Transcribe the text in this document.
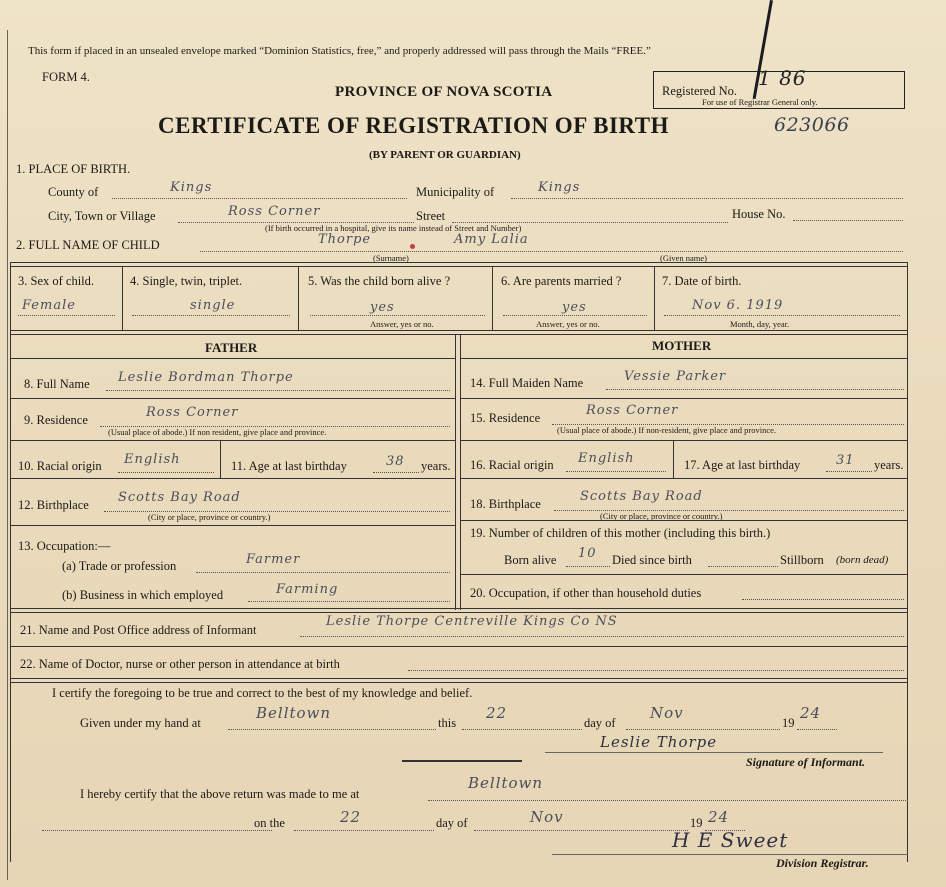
This form if placed in an unsealed envelope marked “Dominion Statistics, free,” and properly addressed will pass through the Mails “FREE.”
FORM 4.
PROVINCE OF NOVA SCOTIA	Registered No.
1 86
For use of Registrar General only.
CERTIFICATE OF REGISTRATION OF BIRTH	623066
(BY PARENT OR GUARDIAN)
1. PLACE OF BIRTH.
County of	Kings	Municipality of	Kings
City, Town or Village	Ross Corner	Street	House No.
(If birth occurred in a hospital, give its name instead of Street and Number)
2. FULL NAME OF CHILD	Thorpe	Amy Lalia
(Surname)	(Given name)
3. Sex of child.
Female
4. Single, twin, triplet.
single
5. Was the child born alive ?
yes
Answer, yes or no.
6. Are parents married ?
yes
Answer, yes or no.
7. Date of birth.
Nov 6. 1919
Month, day, year.
FATHER	MOTHER
8. Full Name Leslie Bordman Thorpe	14. Full Maiden Name	Vessie Parker
9. Residence	Ross Corner
(Usual place of abode.) If non resident, give place and province.
15. Residence	Ross Corner
(Usual place of abode.) If non-resident, give place and province.
10. Racial origin English	11. Age at last birthday	38 years. 16. Racial origin English	17. Age at last birthday	31 years.
12. Birthplace Scotts Bay Road
(City or place, province or country.)
18. Birthplace	Scotts Bay Road
(City or place, province or country.)
13. Occupation:—
(a) Trade or profession	Farmer
(b) Business in which employed	Farming
19. Number of children of this mother (including this birth.)
Born alive 10 Died since birth	Stillborn (born dead)
20. Occupation, if other than household duties
21. Name and Post Office address of Informant
Leslie Thorpe Centreville Kings Co NS
22. Name of Doctor, nurse or other person in attendance at birth
I certify the foregoing to be true and correct to the best of my knowledge and belief.
Given under my hand at
Belltown
this
22
day of
Nov
19
24
Leslie Thorpe
Signature of Informant.
I hereby certify that the above return was made to me at
Belltown
on the	22	day of	Nov	19 24
H E Sweet
Division Registrar.
